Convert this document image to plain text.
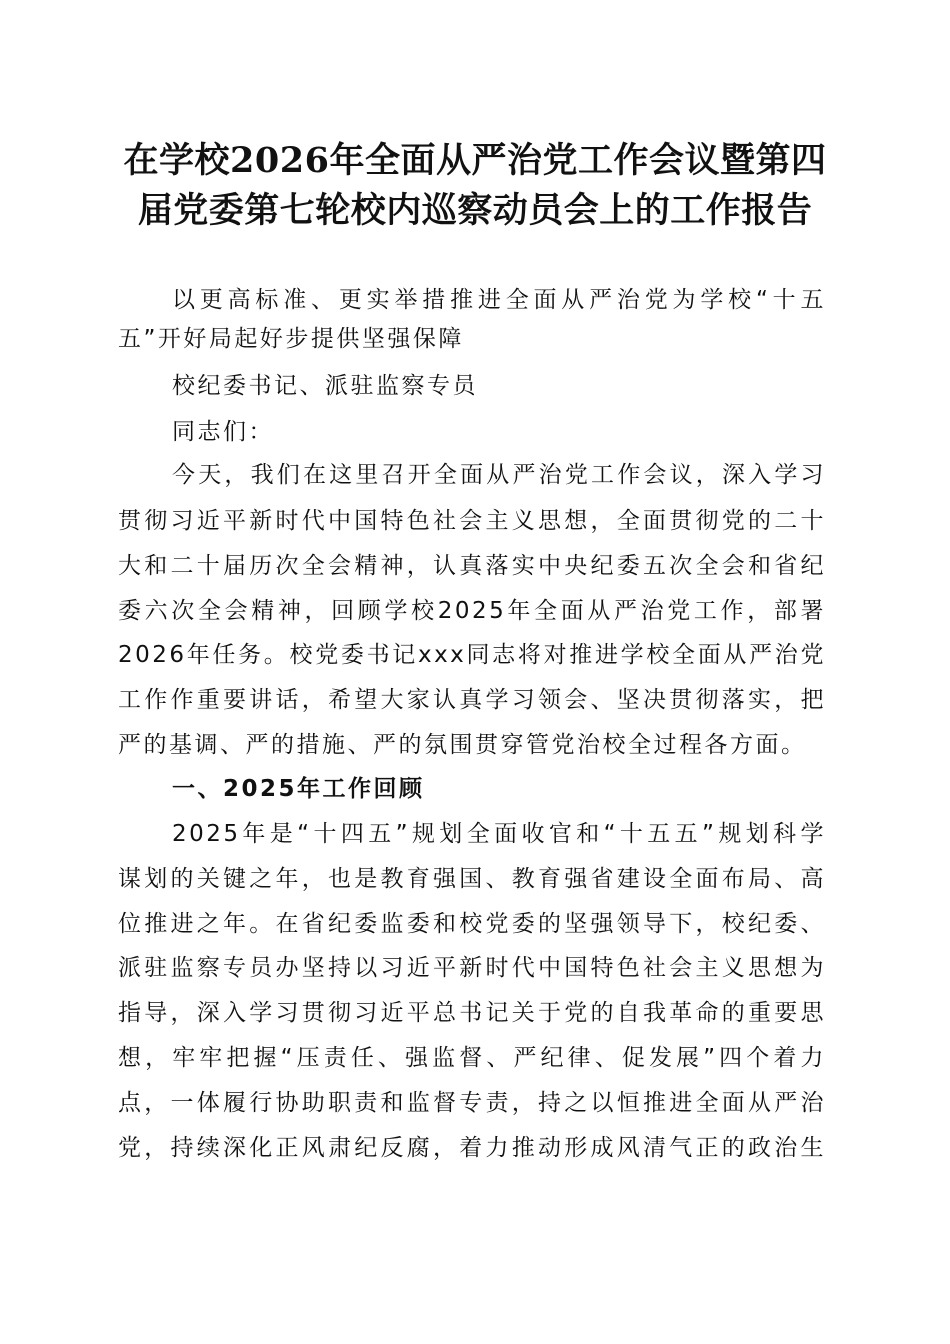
在学校2026年全面从严治党工作会议暨第四
届党委第七轮校内巡察动员会上的工作报告
以更高标准、更实举措推进全面从严治党为学校“十五
五”开好局起好步提供坚强保障
校纪委书记、派驻监察专员
同志们：
今天，我们在这里召开全面从严治党工作会议，深入学习
贯彻习近平新时代中国特色社会主义思想，全面贯彻党的二十
大和二十届历次全会精神，认真落实中央纪委五次全会和省纪
委六次全会精神，回顾学校2025年全面从严治党工作，部署
2026年任务。校党委书记xxx同志将对推进学校全面从严治党
工作作重要讲话，希望大家认真学习领会、坚决贯彻落实，把
严的基调、严的措施、严的氛围贯穿管党治校全过程各方面。
一、2025年工作回顾
2025年是“十四五”规划全面收官和“十五五”规划科学
谋划的关键之年，也是教育强国、教育强省建设全面布局、高
位推进之年。在省纪委监委和校党委的坚强领导下，校纪委、
派驻监察专员办坚持以习近平新时代中国特色社会主义思想为
指导，深入学习贯彻习近平总书记关于党的自我革命的重要思
想，牢牢把握“压责任、强监督、严纪律、促发展”四个着力
点，一体履行协助职责和监督专责，持之以恒推进全面从严治
党，持续深化正风肃纪反腐，着力推动形成风清气正的政治生
